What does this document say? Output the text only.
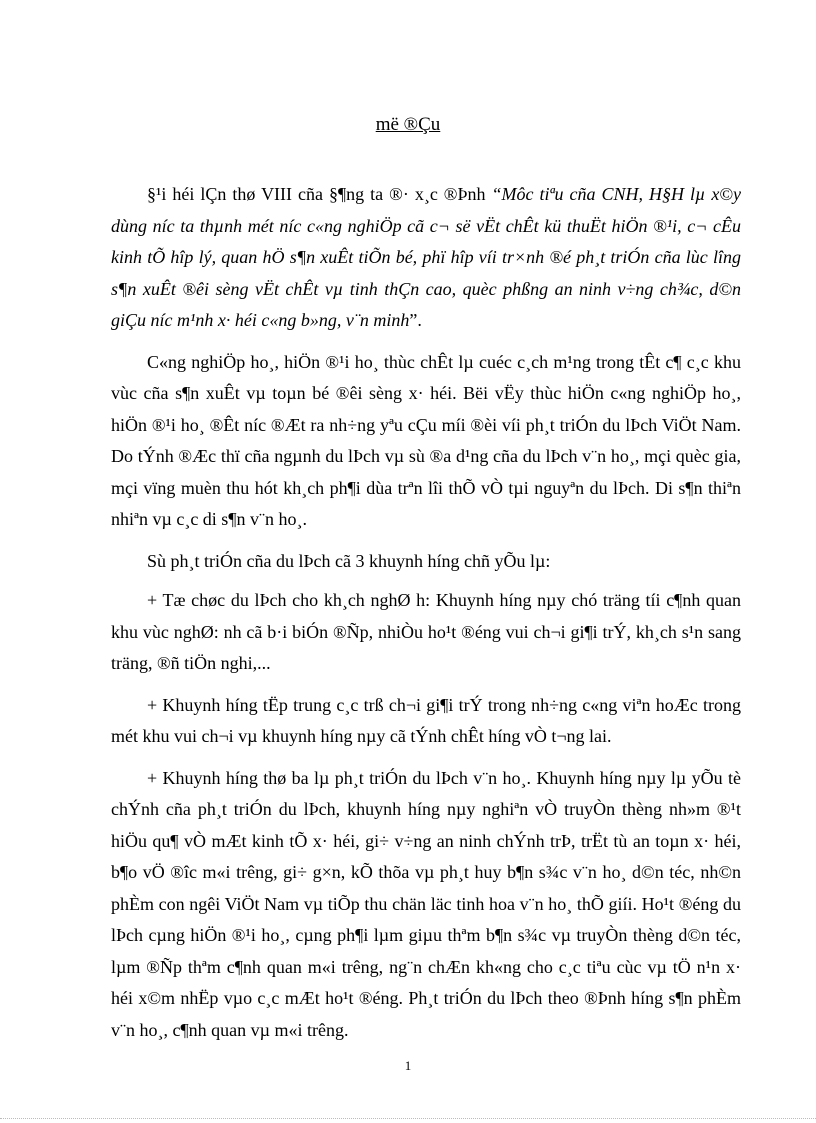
më ®Çu

§¹i héi lÇn thø VIII cña §¶ng ta ®· x¸c ®Þnh “Môc tiªu cña CNH, H§H lµ x©y dùng níc ta thµnh mét níc c«ng nghiÖp cã c¬ së vËt chÊt kü thuËt hiÖn ®¹i, c¬ cÊu kinh tÕ hîp lý, quan hÖ s¶n xuÊt tiÕn bé, phï hîp víi tr×nh ®é ph¸t triÓn cña lùc lîng s¶n xuÊt ®êi sèng vËt chÊt vµ tinh thÇn cao, quèc phßng an ninh v÷ng ch¾c, d©n giÇu níc m¹nh x· héi c«ng b»ng, v¨n minh”.

C«ng nghiÖp ho¸, hiÖn ®¹i ho¸ thùc chÊt lµ cuéc c¸ch m¹ng trong tÊt c¶ c¸c khu vùc cña s¶n xuÊt vµ toµn bé ®êi sèng x· héi. Bëi vËy thùc hiÖn c«ng nghiÖp ho¸, hiÖn ®¹i ho¸ ®Êt níc ®Æt ra nh÷ng yªu cÇu míi ®èi víi ph¸t triÓn du lÞch ViÖt Nam. Do tÝnh ®Æc thï cña ngµnh du lÞch vµ sù ®a d¹ng cña du lÞch v¨n ho¸, mçi quèc gia, mçi vïng muèn thu hót kh¸ch ph¶i dùa trªn lîi thÕ vÒ tµi nguyªn du lÞch. Di s¶n thiªn nhiªn vµ c¸c di s¶n v¨n ho¸.

Sù ph¸t triÓn cña du lÞch cã 3 khuynh híng chñ yÕu lµ:

+ Tæ chøc du lÞch cho kh¸ch nghØ h: Khuynh híng nµy chó träng tíi c¶nh quan khu vùc nghØ: nh cã b·i biÓn ®Ñp, nhiÒu ho¹t ®éng vui ch¬i gi¶i trÝ, kh¸ch s¹n sang träng, ®ñ tiÖn nghi,...

+ Khuynh híng tËp trung c¸c trß ch¬i gi¶i trÝ trong nh÷ng c«ng viªn hoÆc trong mét khu vui ch¬i vµ khuynh híng nµy cã tÝnh chÊt híng vÒ t¬ng lai.

+ Khuynh híng thø ba lµ ph¸t triÓn du lÞch v¨n ho¸. Khuynh híng nµy lµ yÕu tè chÝnh cña ph¸t triÓn du lÞch, khuynh híng nµy nghiªn vÒ truyÒn thèng nh»m ®¹t hiÖu qu¶ vÒ mÆt kinh tÕ x· héi, gi÷ v÷ng an ninh chÝnh trÞ, trËt tù an toµn x· héi, b¶o vÖ ®îc m«i trêng, gi÷ g×n, kÕ thõa vµ ph¸t huy b¶n s¾c v¨n ho¸ d©n téc, nh©n phÈm con ngêi ViÖt Nam vµ tiÕp thu chän läc tinh hoa v¨n ho¸ thÕ giíi. Ho¹t ®éng du lÞch cµng hiÖn ®¹i ho¸, cµng ph¶i lµm giµu thªm b¶n s¾c vµ truyÒn thèng d©n téc, lµm ®Ñp thªm c¶nh quan m«i trêng, ng¨n chÆn kh«ng cho c¸c tiªu cùc vµ tÖ n¹n x· héi x©m nhËp vµo c¸c mÆt ho¹t ®éng. Ph¸t triÓn du lÞch theo ®Þnh híng s¶n phÈm v¨n ho¸, c¶nh quan vµ m«i trêng.

1
